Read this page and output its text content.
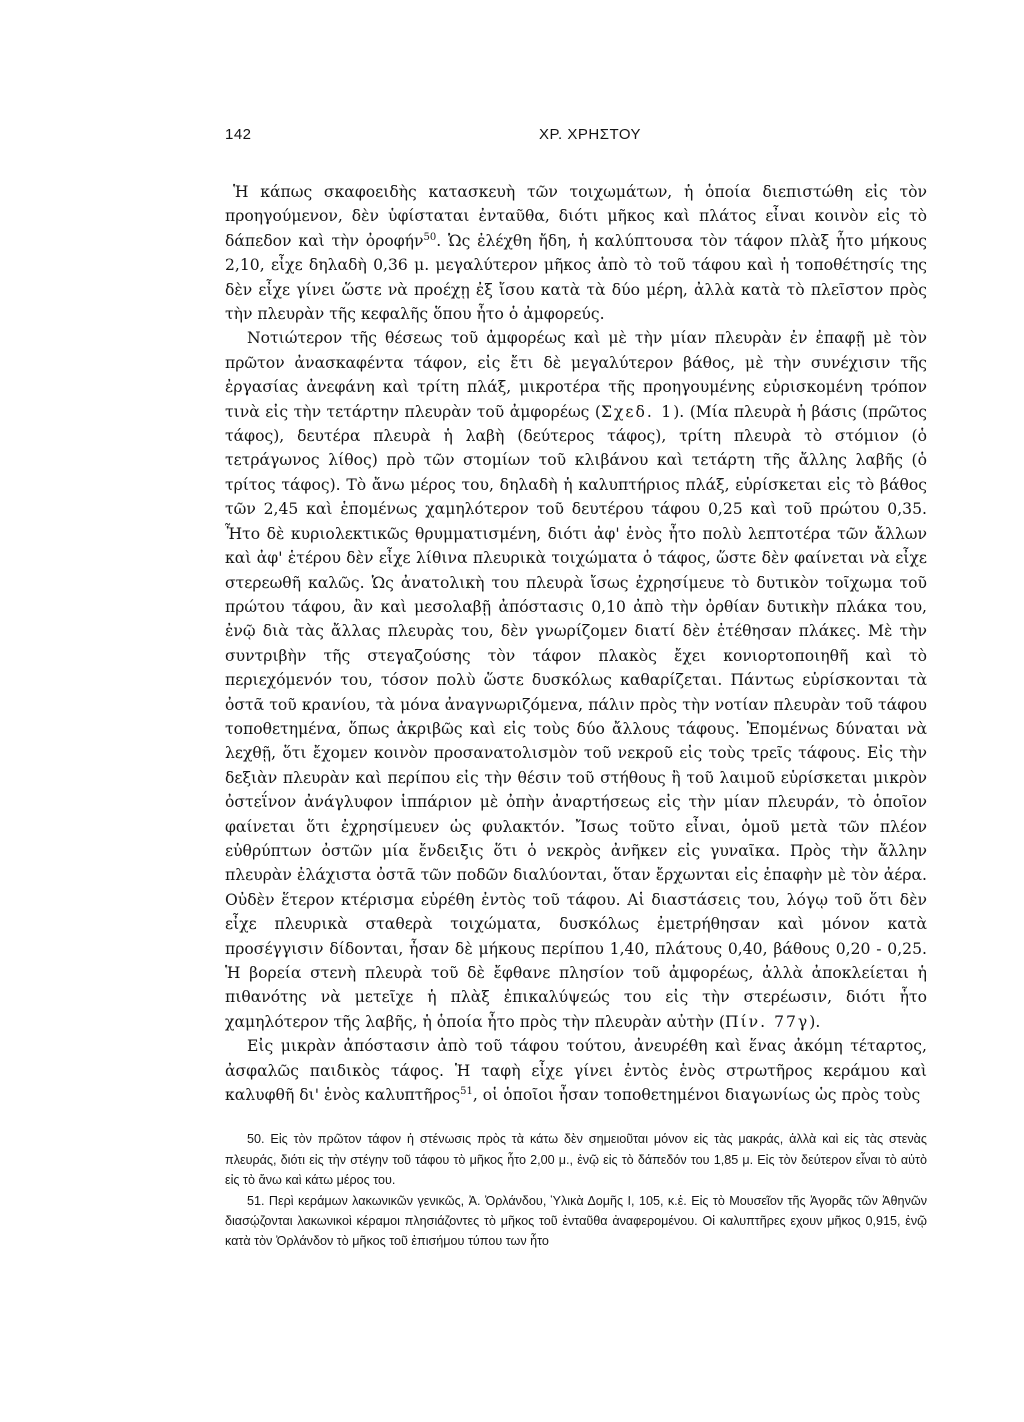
142	ΧΡ. ΧΡΗΣΤΟΥ

Ἡ κάπως σκαφοειδὴς κατασκευὴ τῶν τοιχωμάτων, ἡ ὁποία διεπιστώθη εἰς τὸν προηγούμενον, δὲν ὑφίσταται ἐνταῦθα, διότι μῆκος καὶ πλάτος εἶναι κοινὸν εἰς τὸ δάπεδον καὶ τὴν ὀροφήν$^{50}$. Ὡς ἐλέχθη ἤδη, ἡ καλύπτουσα τὸν τάφον πλὰξ ἦτο μήκους 2,10, εἶχε δηλαδὴ 0,36 μ. μεγαλύτερον μῆκος ἀπὸ τὸ τοῦ τάφου καὶ ἡ τοποθέτησίς της δὲν εἶχε γίνει ὥστε νὰ προέχῃ ἐξ ἴσου κατὰ τὰ δύο μέρη, ἀλλὰ κατὰ τὸ πλεῖστον πρὸς τὴν πλευρὰν τῆς κεφαλῆς ὅπου ἦτο ὁ ἀμφορεύς.

Νοτιώτερον τῆς θέσεως τοῦ ἀμφορέως καὶ μὲ τὴν μίαν πλευρὰν ἐν ἐπαφῇ μὲ τὸν πρῶτον ἀνασκαφέντα τάφον, εἰς ἔτι δὲ μεγαλύτερον βάθος, μὲ τὴν συνέχισιν τῆς ἐργασίας ἀνεφάνη καὶ τρίτη πλάξ, μικροτέρα τῆς προηγουμένης εὑρισκομένη τρόπον τινὰ εἰς τὴν τετάρτην πλευρὰν τοῦ ἀμφορέως (Σχεδ. 1). (Μία πλευρὰ ἡ βάσις (πρῶτος τάφος), δευτέρα πλευρὰ ἡ λαβὴ (δεύτερος τάφος), τρίτη πλευρὰ τὸ στόμιον (ὁ τετράγωνος λίθος) πρὸ τῶν στομίων τοῦ κλιβάνου καὶ τετάρτη τῆς ἄλλης λαβῆς (ὁ τρίτος τάφος). Τὸ ἄνω μέρος του, δηλαδὴ ἡ καλυπτήριος πλάξ, εὑρίσκεται εἰς τὸ βάθος τῶν 2,45 καὶ ἑπομένως χαμηλότερον τοῦ δευτέρου τάφου 0,25 καὶ τοῦ πρώτου 0,35. Ἦτο δὲ κυριολεκτικῶς θρυμματισμένη, διότι ἀφ' ἑνὸς ἦτο πολὺ λεπτοτέρα τῶν ἄλλων καὶ ἀφ' ἑτέρου δὲν εἶχε λίθινα πλευρικὰ τοιχώματα ὁ τάφος, ὥστε δὲν φαίνεται νὰ εἶχε στερεωθῆ καλῶς. Ὡς ἀνατολικὴ του πλευρὰ ἴσως ἐχρησίμευε τὸ δυτικὸν τοῖχωμα τοῦ πρώτου τάφου, ἂν καὶ μεσολαβῇ ἀπόστασις 0,10 ἀπὸ τὴν ὀρθίαν δυτικὴν πλάκα του, ἐνῷ διὰ τὰς ἄλλας πλευρὰς του, δὲν γνωρίζομεν διατί δὲν ἐτέθησαν πλάκες. Μὲ τὴν συντριβὴν τῆς στεγαζούσης τὸν τάφον πλακὸς ἔχει κονιορτοποιηθῆ καὶ τὸ περιεχόμενόν του, τόσον πολὺ ὥστε δυσκόλως καθαρίζεται. Πάντως εὑρίσκονται τὰ ὀστᾶ τοῦ κρανίου, τὰ μόνα ἀναγνωριζόμενα, πάλιν πρὸς τὴν νοτίαν πλευρὰν τοῦ τάφου τοποθετημένα, ὅπως ἀκριβῶς καὶ εἰς τοὺς δύο ἄλλους τάφους. Ἑπομένως δύναται νὰ λεχθῇ, ὅτι ἔχομεν κοινὸν προσανατολισμὸν τοῦ νεκροῦ εἰς τοὺς τρεῖς τάφους. Εἰς τὴν δεξιὰν πλευρὰν καὶ περίπου εἰς τὴν θέσιν τοῦ στήθους ἢ τοῦ λαιμοῦ εὑρίσκεται μικρὸν ὀστεΐνον ἀνάγλυφον ἱππάριον μὲ ὀπὴν ἀναρτήσεως εἰς τὴν μίαν πλευράν, τὸ ὁποῖον φαίνεται ὅτι ἐχρησίμευεν ὡς φυλακτόν. Ἴσως τοῦτο εἶναι, ὁμοῦ μετὰ τῶν πλέον εὐθρύπτων ὀστῶν μία ἔνδειξις ὅτι ὁ νεκρὸς ἀνῆκεν εἰς γυναῖκα. Πρὸς τὴν ἄλλην πλευρὰν ἐλάχιστα ὀστᾶ τῶν ποδῶν διαλύονται, ὅταν ἔρχωνται εἰς ἐπαφὴν μὲ τὸν ἀέρα. Οὐδὲν ἕτερον κτέρισμα εὑρέθη ἐντὸς τοῦ τάφου. Αἱ διαστάσεις του, λόγῳ τοῦ ὅτι δὲν εἶχε πλευρικὰ σταθερὰ τοιχώματα, δυσκόλως ἐμετρήθησαν καὶ μόνον κατὰ προσέγγισιν δίδονται, ἦσαν δὲ μήκους περίπου 1,40, πλάτους 0,40, βάθους 0,20 - 0,25. Ἡ βορεία στενὴ πλευρὰ τοῦ δὲ ἔφθανε πλησίον τοῦ ἀμφορέως, ἀλλὰ ἀποκλείεται ἡ πιθανότης νὰ μετεῖχε ἡ πλὰξ ἐπικαλύψεώς του εἰς τὴν στερέωσιν, διότι ἦτο χαμηλότερον τῆς λαβῆς, ἡ ὁποία ἦτο πρὸς τὴν πλευρὰν αὐτὴν (Πίν. 77γ).

Εἰς μικρὰν ἀπόστασιν ἀπὸ τοῦ τάφου τούτου, ἀνευρέθη καὶ ἕνας ἀκόμη τέταρτος, ἀσφαλῶς παιδικὸς τάφος. Ἡ ταφὴ εἶχε γίνει ἐντὸς ἑνὸς στρωτῆρος κεράμου καὶ καλυφθῆ δι' ἑνὸς καλυπτῆρος$^{51}$, οἱ ὁποῖοι ἦσαν τοποθετημένοι διαγωνίως ὡς πρὸς τοὺς

50. Εἰς τὸν πρῶτον τάφον ἡ στένωσις πρὸς τὰ κάτω δὲν σημειοῦται μόνον εἰς τὰς μακράς, ἀλλὰ καὶ εἰς τὰς στενὰς πλευράς, διότι εἰς τὴν στέγην τοῦ τάφου τὸ μῆκος ἦτο 2,00 μ., ἐνῷ εἰς τὸ δάπεδόν του 1,85 μ. Εἰς τὸν δεύτερον εἶναι τὸ αὐτὸ εἰς τὸ ἄνω καὶ κάτω μέρος του.

51. Περὶ κεράμων λακωνικῶν γενικῶς, Ἀ. Ὀρλάνδου, Ὑλικὰ Δομῆς Ι, 105, κ.ἑ. Εἰς τὸ Μουσεῖον τῆς Ἀγορᾶς τῶν Ἀθηνῶν διασῴζονται λακωνικοὶ κέραμοι πλησιάζοντες τὸ μῆκος τοῦ ἐνταῦθα ἀναφερομένου. Οἱ καλυπτῆρες εχουν μῆκος 0,915, ἐνῷ κατὰ τὸν Ὀρλάνδον τὸ μῆκος τοῦ ἐπισήμου τύπου των ἦτο
